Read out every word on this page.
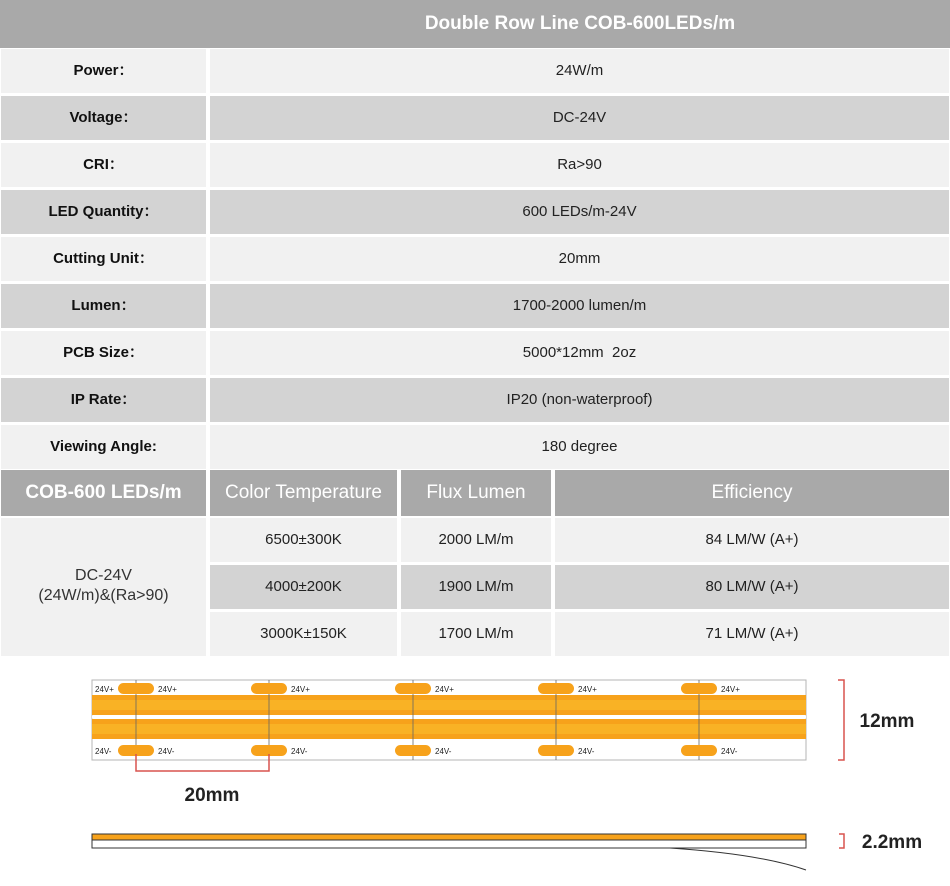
Double Row Line COB-600LEDs/m
Power：	24W/m
Voltage：	DC-24V
CRI：	Ra>90
LED Quantity：	600 LEDs/m-24V
Cutting Unit：	20mm
Lumen：	1700-2000 lumen/m
PCB Size：	5000*12mm  2oz
IP Rate：	IP20 (non-waterproof)
Viewing Angle:	180 degree
COB-600 LEDs/m	Color Temperature	Flux Lumen	Efficiency
DC-24V
(24W/m)&(Ra>90)
6500±300K	2000 LM/m	84 LM/W (A+)
4000±200K	1900 LM/m	80 LM/W (A+)
3000K±150K	1700 LM/m	71 LM/W (A+)
24V+
24V-
24V+
24V-
24V+
24V-
24V+
24V-
24V+
24V-
24V+
24V-
20mm
12mm
2.2mm
